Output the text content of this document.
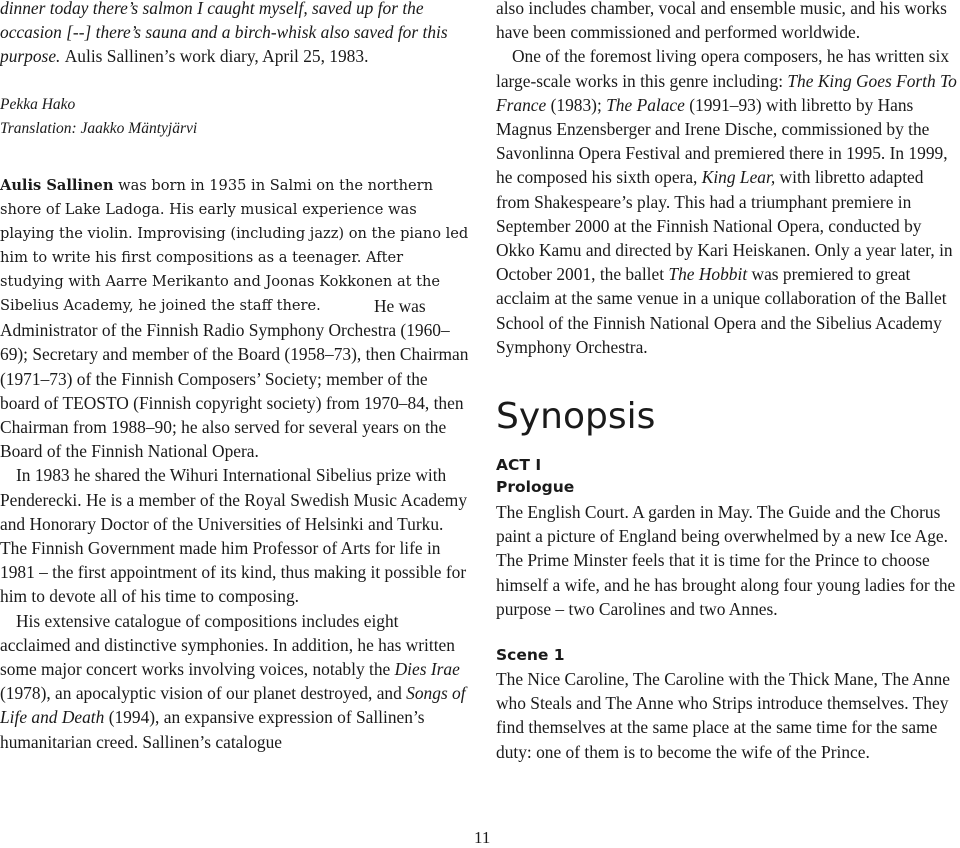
dinner today there’s salmon I caught myself, saved up for the occasion [--] there’s sauna and a birch-whisk also saved for this purpose. Aulis Sallinen’s work diary, April 25, 1983.

Pekka Hako
Translation: Jaakko Mäntyjärvi

Aulis Sallinen was born in 1935 in Salmi on the northern shore of Lake Ladoga. His early musical experience was playing the violin. Improvising (including jazz) on the piano led him to write his first compositions as a teenager. After studying with Aarre Merikanto and Joonas Kokkonen at the Sibelius Academy, he joined the staff there.	He was Administrator of the Finnish Radio Symphony Orchestra (1960–69); Secretary and member of the Board (1958–73), then Chairman (1971–73) of the Finnish Composers’ Society; member of the board of TEOSTO (Finnish copyright society) from 1970–84, then Chairman from 1988–90; he also served for several years on the Board of the Finnish National Opera.

In 1983 he shared the Wihuri International Sibelius prize with Penderecki. He is a member of the Royal Swedish Music Academy and Honorary Doctor of the Universities of Helsinki and Turku. The Finnish Government made him Professor of Arts for life in 1981 – the first appointment of its kind, thus making it possible for him to devote all of his time to composing.

His extensive catalogue of compositions includes eight acclaimed and distinctive symphonies. In addition, he has written some major concert works involving voices, notably the Dies Irae (1978), an apocalyptic vision of our planet destroyed, and Songs of Life and Death (1994), an expansive expression of Sallinen’s humanitarian creed. Sallinen’s catalogue

also includes chamber, vocal and ensemble music, and his works have been commissioned and performed worldwide.

One of the foremost living opera composers, he has written six large-scale works in this genre including: The King Goes Forth To France (1983); The Palace (1991–93) with libretto by Hans Magnus Enzensberger and Irene Dische, commissioned by the Savonlinna Opera Festival and premiered there in 1995. In 1999, he composed his sixth opera, King Lear, with libretto adapted from Shakespeare’s play. This had a triumphant premiere in September 2000 at the Finnish National Opera, conducted by Okko Kamu and directed by Kari Heiskanen. Only a year later, in October 2001, the ballet The Hobbit was premiered to great acclaim at the same venue in a unique collaboration of the Ballet School of the Finnish National Opera and the Sibelius Academy Symphony Orchestra.

Synopsis
ACT I
Prologue

The English Court. A garden in May. The Guide and the Chorus paint a picture of England being overwhelmed by a new Ice Age. The Prime Minster feels that it is time for the Prince to choose himself a wife, and he has brought along four young ladies for the purpose – two Carolines and two Annes.

Scene 1

The Nice Caroline, The Caroline with the Thick Mane, The Anne who Steals and The Anne who Strips introduce themselves. They find themselves at the same place at the same time for the same duty: one of them is to become the wife of the Prince.

11
